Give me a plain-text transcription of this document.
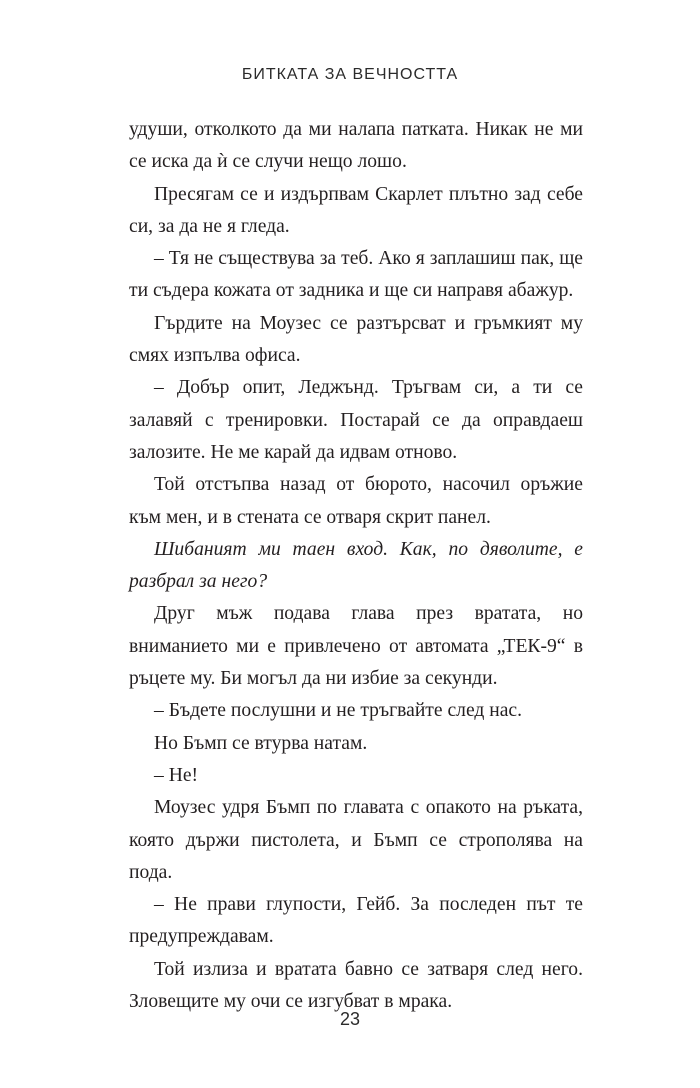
БИТКАТА ЗА ВЕЧНОСТТА

удуши, отколкото да ми налапа патката. Никак не ми се иска да ѝ се случи нещо лошо.

Пресягам се и издърпвам Скарлет плътно зад себе си, за да не я гледа.

– Тя не съществува за теб. Ако я заплашиш пак, ще ти съдера кожата от задника и ще си направя абажур.

Гърдите на Моузес се разтърсват и гръмкият му смях изпълва офиса.

– Добър опит, Леджънд. Тръгвам си, а ти се залавяй с тренировки. Постарай се да оправдаеш залозите. Не ме карай да идвам отново.

Той отстъпва назад от бюрото, насочил оръжие към мен, и в стената се отваря скрит панел.

Шибаният ми таен вход. Как, по дяволите, е разбрал за него?

Друг мъж подава глава през вратата, но вниманието ми е привлечено от автомата „ТЕК-9“ в ръцете му. Би могъл да ни избие за секунди.

– Бъдете послушни и не тръгвайте след нас.

Но Бъмп се втурва натам.

– Не!

Моузес удря Бъмп по главата с опакото на ръката, която държи пистолета, и Бъмп се строполява на пода.

– Не прави глупости, Гейб. За последен път те предупреждавам.

Той излиза и вратата бавно се затваря след него. Зловещите му очи се изгубват в мрака.

23
